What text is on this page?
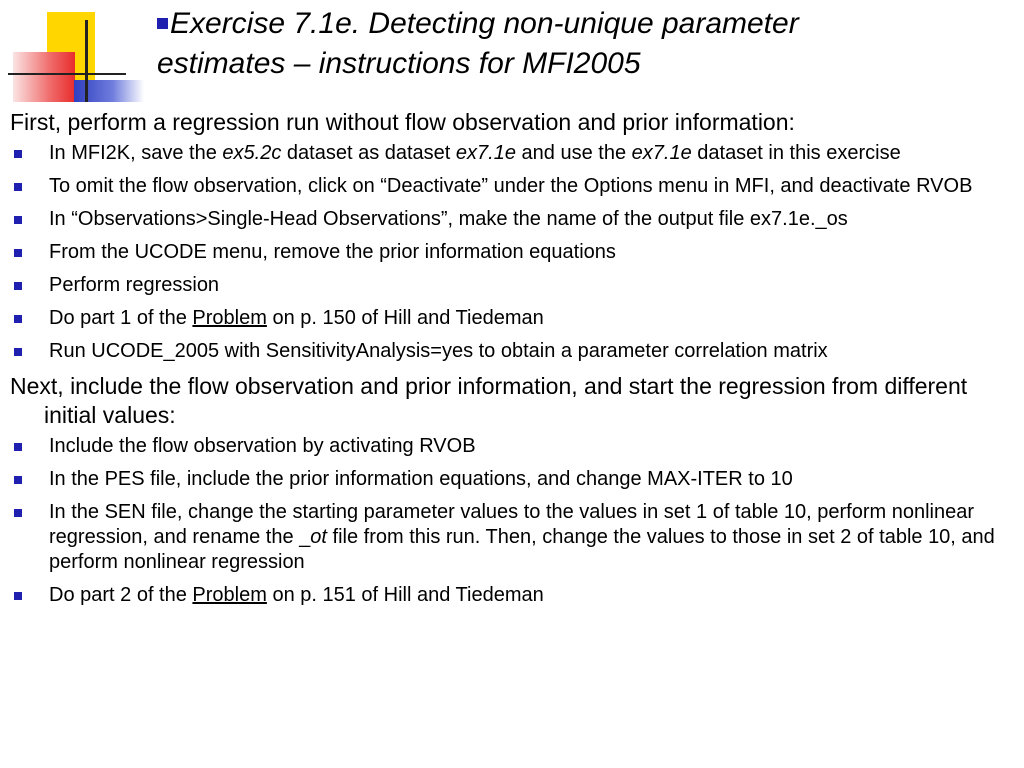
Exercise 7.1e. Detecting non-unique parameter
estimates – instructions for MFI2005

First, perform a regression run without flow observation and prior information:

In MFI2K, save the ex5.2c dataset as dataset ex7.1e and use the ex7.1e dataset in this exercise
To omit the flow observation, click on “Deactivate” under the Options menu in MFI, and deactivate RVOB
In “Observations>Single-Head Observations”, make the name of the output file ex7.1e._os
From the UCODE menu, remove the prior information equations
Perform regression
Do part 1 of the Problem on p. 150 of Hill and Tiedeman
Run UCODE_2005 with SensitivityAnalysis=yes to obtain a parameter correlation matrix

Next, include the flow observation and prior information, and start the regression from different initial values:

Include the flow observation by activating RVOB
In the PES file, include the prior information equations, and change MAX-ITER to 10
In the SEN file, change the starting parameter values to the values in set 1 of table 10, perform nonlinear regression, and rename the _ot file from this run. Then, change the values to those in set 2 of table 10, and perform nonlinear regression
Do part 2 of the Problem on p. 151 of Hill and Tiedeman
